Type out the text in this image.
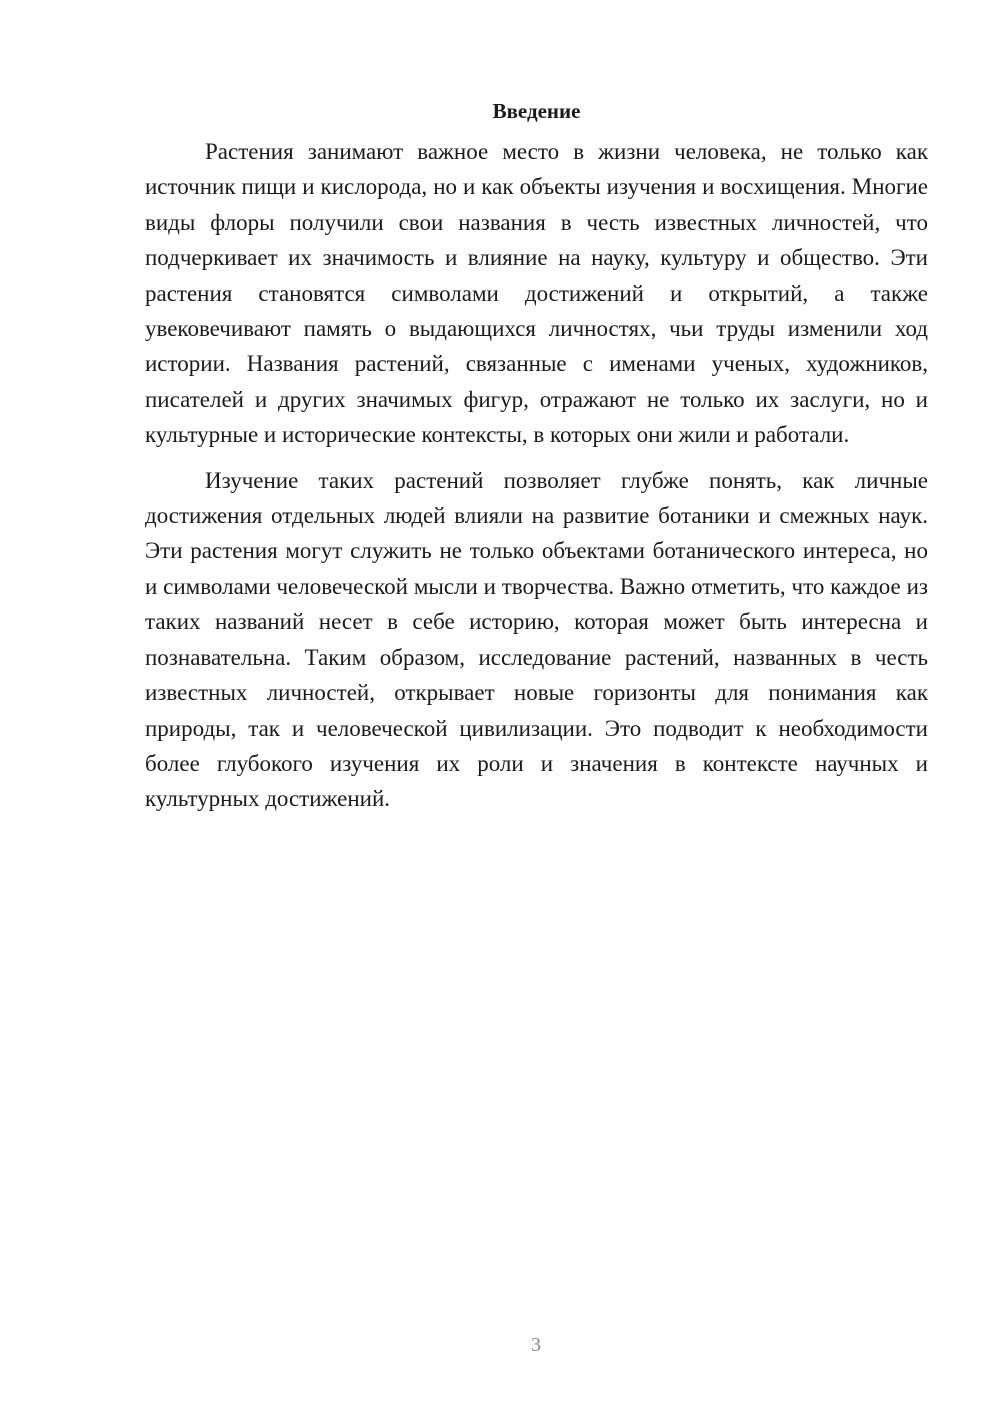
Введение

Растения занимают важное место в жизни человека, не только как источник пищи и кислорода, но и как объекты изучения и восхищения. Многие виды флоры получили свои названия в честь известных личностей, что подчеркивает их значимость и влияние на науку, культуру и общество. Эти растения становятся символами достижений и открытий, а также увековечивают память о выдающихся личностях, чьи труды изменили ход истории. Названия растений, связанные с именами ученых, художников, писателей и других значимых фигур, отражают не только их заслуги, но и культурные и исторические контексты, в которых они жили и работали.

Изучение таких растений позволяет глубже понять, как личные достижения отдельных людей влияли на развитие ботаники и смежных наук. Эти растения могут служить не только объектами ботанического интереса, но и символами человеческой мысли и творчества. Важно отметить, что каждое из таких названий несет в себе историю, которая может быть интересна и познавательна. Таким образом, исследование растений, названных в честь известных личностей, открывает новые горизонты для понимания как природы, так и человеческой цивилизации. Это подводит к необходимости более глубокого изучения их роли и значения в контексте научных и культурных достижений.

3
